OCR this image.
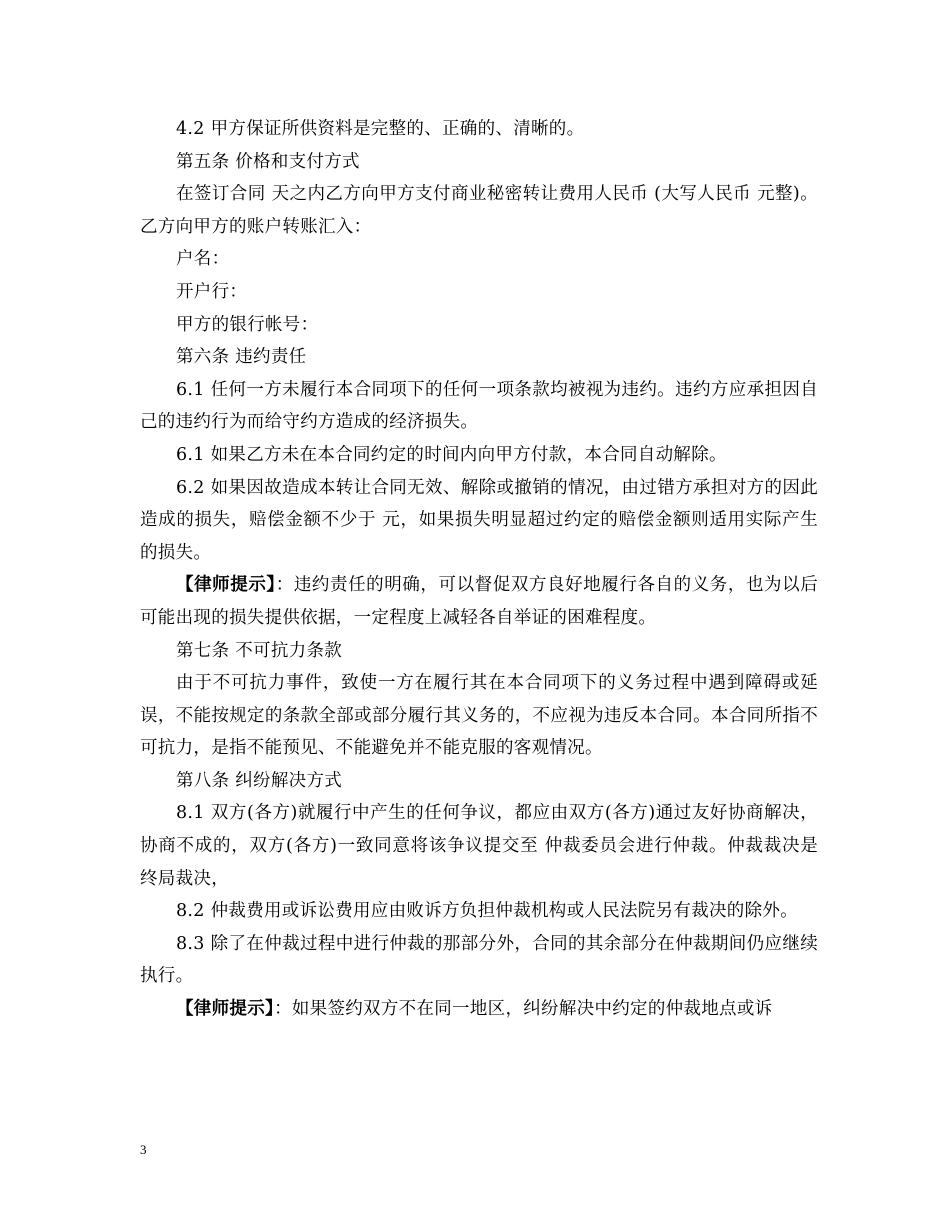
4.2 甲方保证所供资料是完整的、正确的、清晰的。

第五条 价格和支付方式

在签订合同 天之内乙方向甲方支付商业秘密转让费用人民币 (大写人民币 元整)。乙方向甲方的账户转账汇入：

户名：

开户行：

甲方的银行帐号：

第六条 违约责任

6.1 任何一方未履行本合同项下的任何一项条款均被视为违约。违约方应承担因自己的违约行为而给守约方造成的经济损失。

6.1 如果乙方未在本合同约定的时间内向甲方付款，本合同自动解除。

6.2 如果因故造成本转让合同无效、解除或撤销的情况，由过错方承担对方的因此造成的损失，赔偿金额不少于 元，如果损失明显超过约定的赔偿金额则适用实际产生的损失。

【律师提示】：违约责任的明确，可以督促双方良好地履行各自的义务，也为以后可能出现的损失提供依据，一定程度上减轻各自举证的困难程度。

第七条 不可抗力条款

由于不可抗力事件，致使一方在履行其在本合同项下的义务过程中遇到障碍或延误，不能按规定的条款全部或部分履行其义务的，不应视为违反本合同。本合同所指不可抗力，是指不能预见、不能避免并不能克服的客观情况。

第八条 纠纷解决方式

8.1 双方(各方)就履行中产生的任何争议，都应由双方(各方)通过友好协商解决，协商不成的，双方(各方)一致同意将该争议提交至 仲裁委员会进行仲裁。仲裁裁决是终局裁决，

8.2 仲裁费用或诉讼费用应由败诉方负担仲裁机构或人民法院另有裁决的除外。

8.3 除了在仲裁过程中进行仲裁的那部分外，合同的其余部分在仲裁期间仍应继续执行。

【律师提示】：如果签约双方不在同一地区，纠纷解决中约定的仲裁地点或诉

3
